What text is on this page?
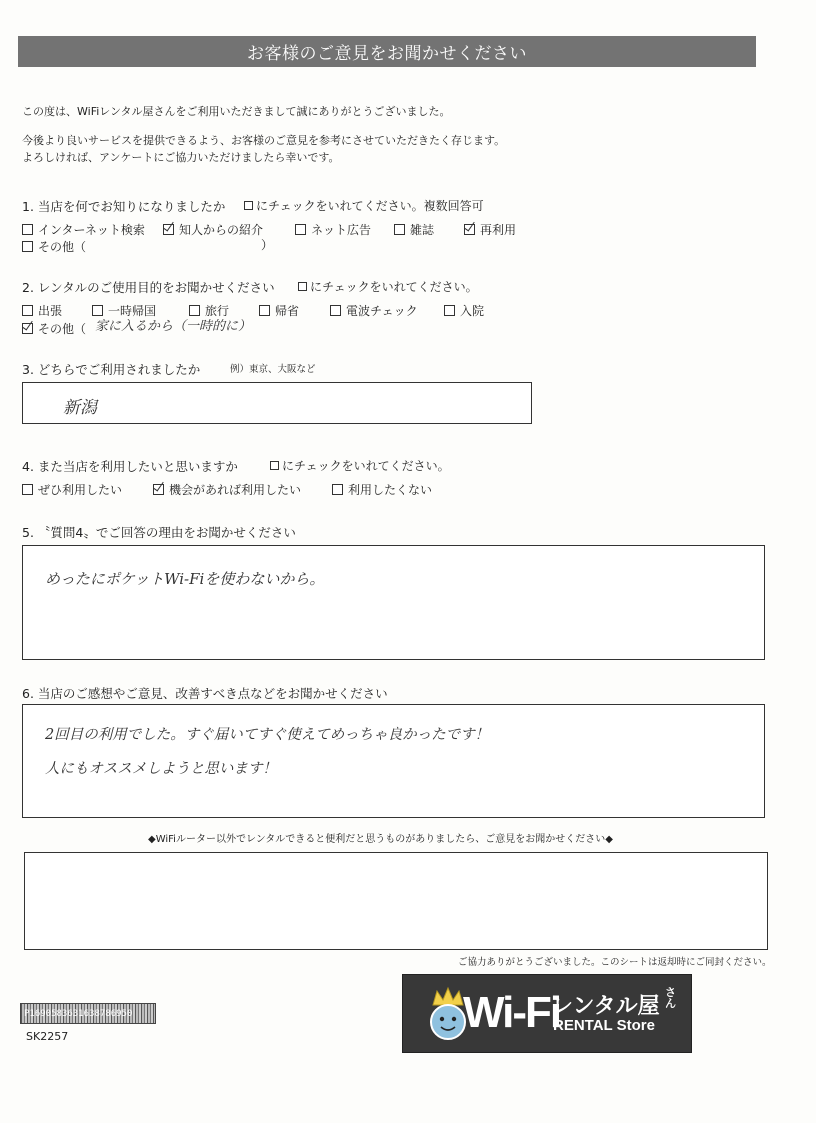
お客様のご意見をお聞かせください
この度は、WiFiレンタル屋さんをご利用いただきまして誠にありがとうございました。
今後より良いサービスを提供できるよう、お客様のご意見を参考にさせていただきたく存じます。
よろしければ、アンケートにご協力いただけましたら幸いです。
1. 当店を何でお知りになりましたか	にチェックをいれてください。複数回答可
インターネット検索	知人からの紹介	ネット広告	雑誌	再利用
その他（	）
2. レンタルのご使用目的をお聞かせください	にチェックをいれてください。
出張	一時帰国	旅行	帰省	電波チェック	入院
その他（ 家に入るから（一時的に）
3. どちらでご利用されましたか	例）東京、大阪など
新潟
4. また当店を利用したいと思いますか	にチェックをいれてください。
ぜひ利用したい	機会があれば利用したい	利用したくない
5. 〝質問4〟でご回答の理由をお聞かせください
めったにポケットWi-Fiを使わないから。
6. 当店のご感想やご意見、改善すべき点などをお聞かせください
2回目の利用でした。すぐ届いてすぐ使えてめっちゃ良かったです！
人にもオススメしようと思います！
◆WiFiルーター以外でレンタルできると便利だと思うものがありましたら、ご意見をお聞かせください◆
ご協力ありがとうございました。このシートは返却時にご同封ください。
P1690583631638786950
SK2257	Wi-Fi
レンタル屋
さん
RENTAL Store
